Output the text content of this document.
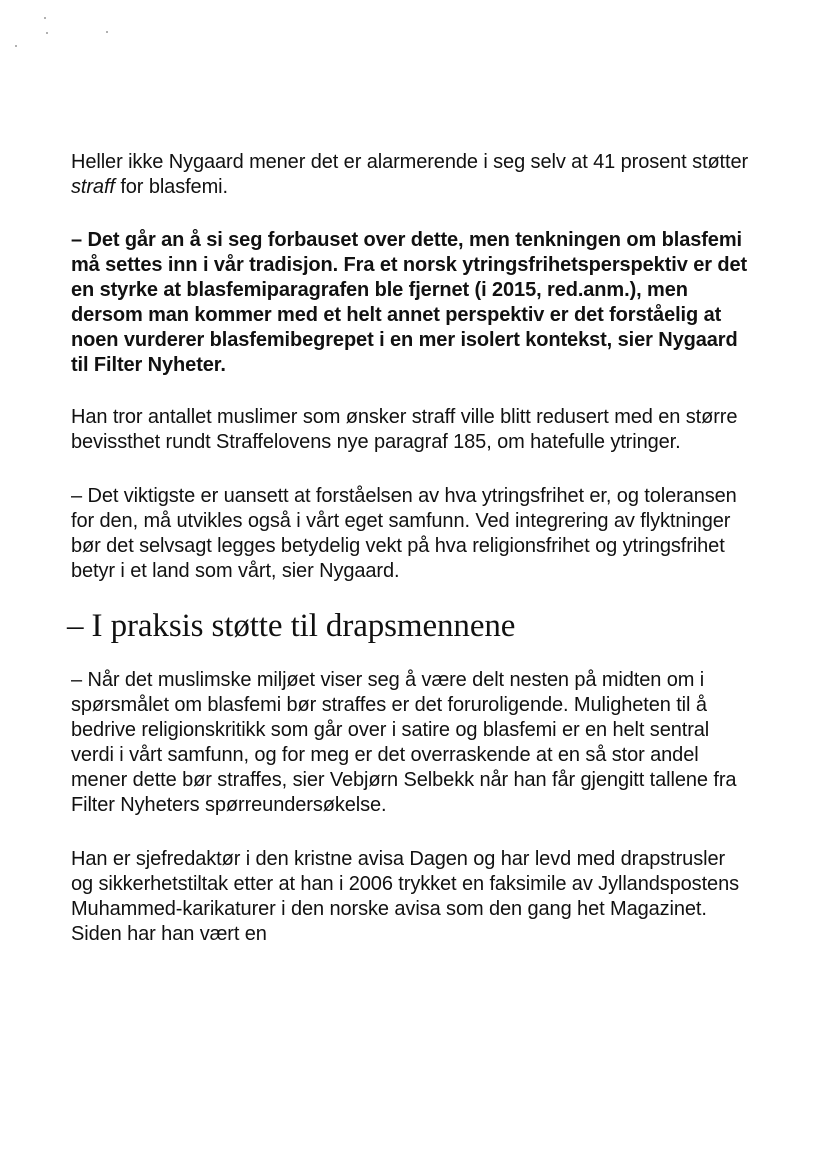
Heller ikke Nygaard mener det er alarmerende i seg selv at 41 prosent støtter straff for blasfemi.

– Det går an å si seg forbauset over dette, men tenkningen om blasfemi må settes inn i vår tradisjon. Fra et norsk ytringsfrihetsperspektiv er det en styrke at blasfemiparagrafen ble fjernet (i 2015, red.anm.), men dersom man kommer med et helt annet perspektiv er det forståelig at noen vurderer blasfemibegrepet i en mer isolert kontekst, sier Nygaard til Filter Nyheter.

Han tror antallet muslimer som ønsker straff ville blitt redusert med en større bevissthet rundt Straffelovens nye paragraf 185, om hatefulle ytringer.

– Det viktigste er uansett at forståelsen av hva ytringsfrihet er, og toleransen for den, må utvikles også i vårt eget samfunn. Ved integrering av flyktninger bør det selvsagt legges betydelig vekt på hva religionsfrihet og ytringsfrihet betyr i et land som vårt, sier Nygaard.

– I praksis støtte til drapsmennene

– Når det muslimske miljøet viser seg å være delt nesten på midten om i spørsmålet om blasfemi bør straffes er det foruroligende. Muligheten til å bedrive religionskritikk som går over i satire og blasfemi er en helt sentral verdi i vårt samfunn, og for meg er det overraskende at en så stor andel mener dette bør straffes, sier Vebjørn Selbekk når han får gjengitt tallene fra Filter Nyheters spørreundersøkelse.

Han er sjefredaktør i den kristne avisa Dagen og har levd med drapstrusler og sikkerhetstiltak etter at han i 2006 trykket en faksimile av Jyllandspostens Muhammed-karikaturer i den norske avisa som den gang het Magazinet. Siden har han vært en
